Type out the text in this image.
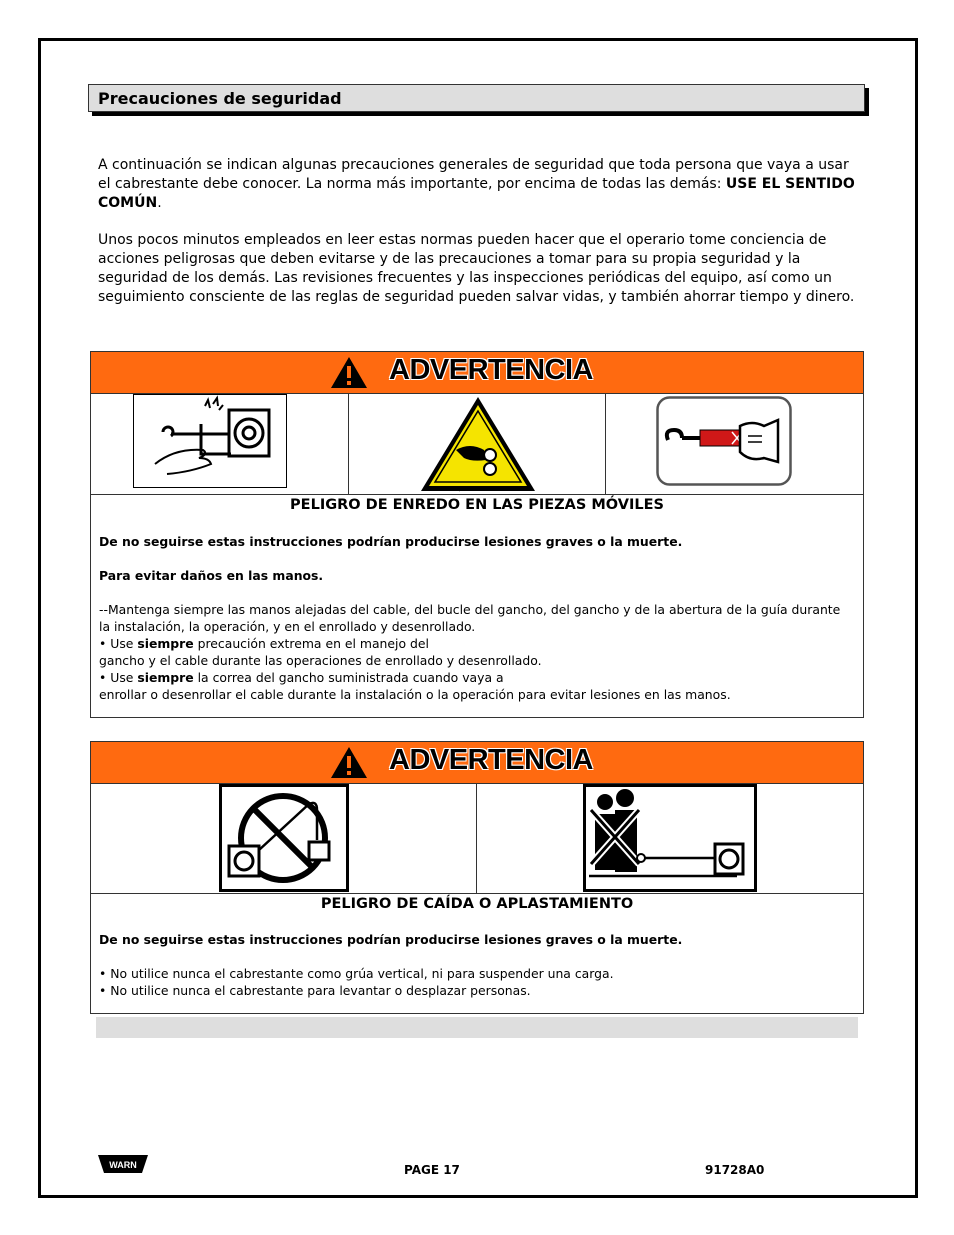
Precauciones de seguridad
A continuación se indican algunas precauciones generales de seguridad que toda persona que vaya a usar el cabrestante debe conocer. La norma más importante, por encima de todas las demás: USE EL SENTIDO COMÚN.
Unos pocos minutos empleados en leer estas normas pueden hacer que el operario tome conciencia de acciones peligrosas que deben evitarse y de las precauciones a tomar para su propia seguridad y la seguridad de los demás. Las revisiones frecuentes y las inspecciones periódicas del equipo, así como un seguimiento consciente de las reglas de seguridad pueden salvar vidas, y también ahorrar tiempo y dinero.
ADVERTENCIA
©1996 HCS, Inc. 800-748-0241 No. 1016D-1

PELIGRO DE ENREDO EN LAS PIEZAS MÓVILES

De no seguirse estas instrucciones podrían producirse lesiones graves o la muerte.

Para evitar daños en las manos.

--Mantenga siempre las manos alejadas del cable, del bucle del gancho, del gancho y de la abertura de la guía durante la instalación, la operación, y en el enrollado y desenrollado.

• Use siempre precaución extrema en el manejo del

gancho y el cable durante las operaciones de enrollado y desenrollado.

• Use siempre la correa del gancho suministrada cuando vaya a

enrollar o desenrollar el cable durante la instalación o la operación para evitar lesiones en las manos.

ADVERTENCIA

PELIGRO DE CAÍDA O APLASTAMIENTO

De no seguirse estas instrucciones podrían producirse lesiones graves o la muerte.

• No utilice nunca el cabrestante como grúa vertical, ni para suspender una carga.

• No utilice nunca el cabrestante para levantar o desplazar personas.

WARN	PAGE 17	91728A0
